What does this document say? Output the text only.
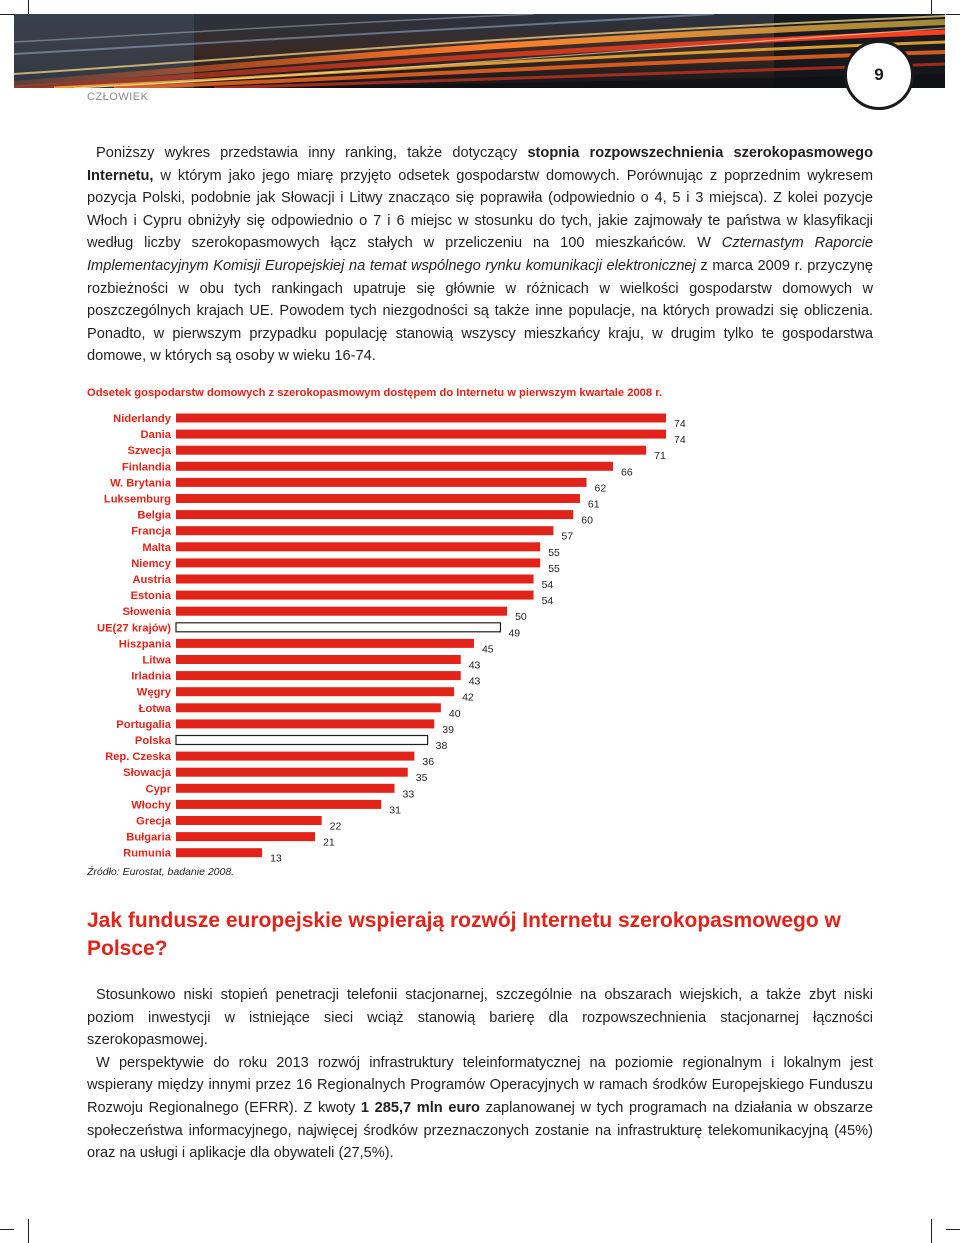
9
CZŁOWIEK

Poniższy wykres przedstawia inny ranking, także dotyczący stopnia rozpowszechnienia szerokopasmowego Internetu, w którym jako jego miarę przyjęto odsetek gospodarstw domowych. Porównując z poprzednim wykresem pozycja Polski, podobnie jak Słowacji i Litwy znacząco się poprawiła (odpowiednio o 4, 5 i 3 miejsca). Z kolei pozycje Włoch i Cypru obniżyły się odpowiednio o 7 i 6 miejsc w stosunku do tych, jakie zajmowały te państwa w klasyfikacji według liczby szerokopasmowych łącz stałych w przeliczeniu na 100 mieszkańców. W Czternastym Raporcie Implementacyjnym Komisji Europejskiej na temat wspólnego rynku komunikacji elektronicznej z marca 2009 r. przyczynę rozbieżności w obu tych rankingach upatruje się głównie w różnicach w wielkości gospodarstw domowych w poszczególnych krajach UE. Powodem tych niezgodności są także inne populacje, na których prowadzi się obliczenia. Ponadto, w pierwszym przypadku populację stanowią wszyscy mieszkańcy kraju, w drugim tylko te gospodarstwa domowe, w których są osoby w wieku 16-74.

Odsetek gospodarstw domowych z szerokopasmowym dostępem do Internetu w pierwszym kwartale 2008 r.
Niderlandy	74
Dania	74
Szwecja	71
Finlandia	66
W. Brytania	62
Luksemburg	61
Belgia	60
Francja	57
Malta	55
Niemcy	55
Austria	54
Estonia	54
Słowenia	50
UE(27 krajów)	49
Hiszpania	45
Litwa	43
Irladnia	43
Węgry	42
Łotwa	40
Portugalia	39
Polska	38
Rep. Czeska	36
Słowacja	35
Cypr	33
Włochy	31
Grecja	22
Bułgaria	21
Rumunia	13
Źródło: Eurostat, badanie 2008.
Jak fundusze europejskie wspierają rozwój Internetu szerokopasmowego w Polsce?

Stosunkowo niski stopień penetracji telefonii stacjonarnej, szczególnie na obszarach wiejskich, a także zbyt niski poziom inwestycji w istniejące sieci wciąż stanowią barierę dla rozpowszechnienia stacjonarnej łączności szerokopasmowej.

W perspektywie do roku 2013 rozwój infrastruktury teleinformatycznej na poziomie regionalnym i lokalnym jest wspierany między innymi przez 16 Regionalnych Programów Operacyjnych w ramach środków Europejskiego Funduszu Rozwoju Regionalnego (EFRR). Z kwoty 1 285,7 mln euro zaplanowanej w tych programach na działania w obszarze społeczeństwa informacyjnego, najwięcej środków przeznaczonych zostanie na infrastrukturę telekomunikacyjną (45%) oraz na usługi i aplikacje dla obywateli (27,5%).
